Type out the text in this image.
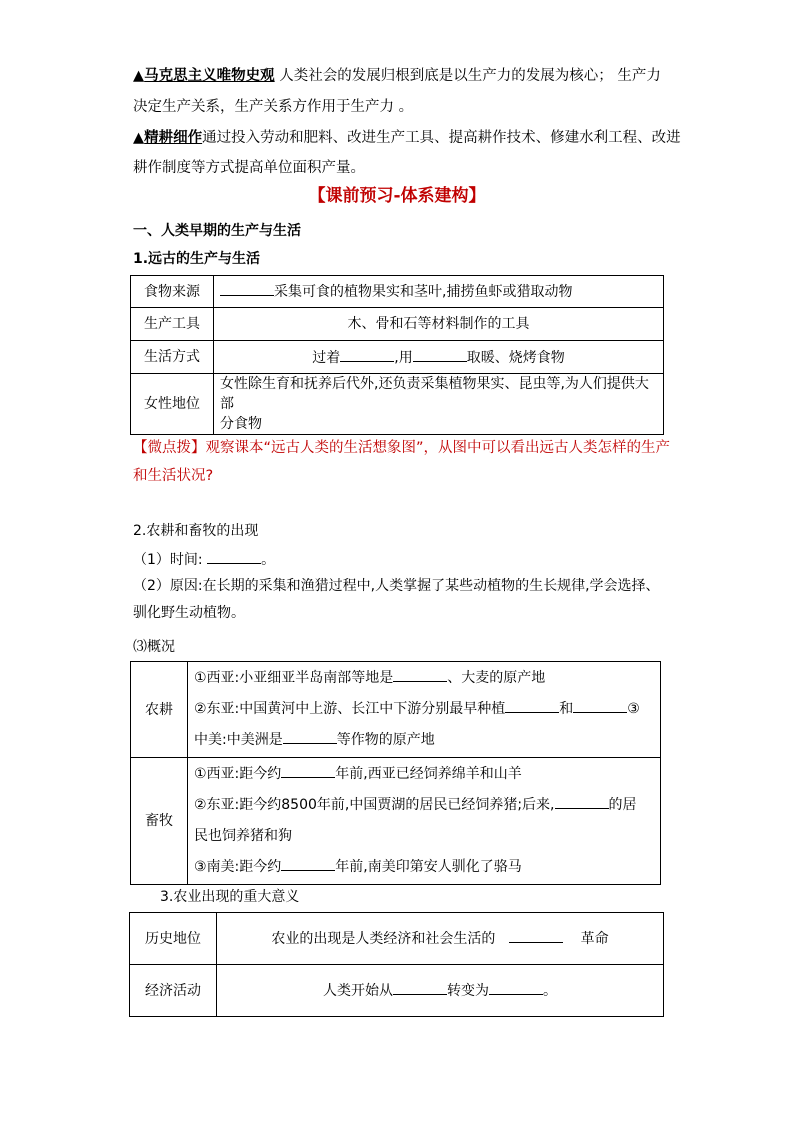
▲马克思主义唯物史观 人类社会的发展归根到底是以生产力的发展为核心； 生产力
决定生产关系，生产关系方作用于生产力 。
▲精耕细作通过投入劳动和肥料、改进生产工具、提高耕作技术、修建水利工程、改进
耕作制度等方式提高单位面积产量。
【课前预习-体系建构】
一、人类早期的生产与生活
1.远古的生产与生活
食物来源	采集可食的植物果实和茎叶,捕捞鱼虾或猎取动物
生产工具	木、骨和石等材料制作的工具
生活方式	过着 ,用 取暖、烧烤食物
女性地位	女性除生育和抚养后代外,还负责采集植物果实、昆虫等,为人们提供大部
分食物
【微点拨】观察课本“远古人类的生活想象图”，从图中可以看出远古人类怎样的生产
和生活状况?
2.农耕和畜牧的出现
（1）时间:	。
（2）原因:在长期的采集和渔猎过程中,人类掌握了某些动植物的生长规律,学会选择、
驯化野生动植物。
⑶概况
农耕	①西亚:小亚细亚半岛南部等地是 、大麦的原产地
②东亚:中国黄河中上游、长江中下游分别最早种植 和 ③
中美:中美洲是 等作物的原产地

畜牧	①西亚:距今约 年前,西亚已经饲养绵羊和山羊
②东亚:距今约8500年前,中国贾湖的居民已经饲养猪;后来, 的居
民也饲养猪和狗
③南美:距今约 年前,南美印第安人驯化了骆马
3.农业出现的重大意义
历史地位	农业的出现是人类经济和社会生活的 革命
经济活动	人类开始从 转变为 。
